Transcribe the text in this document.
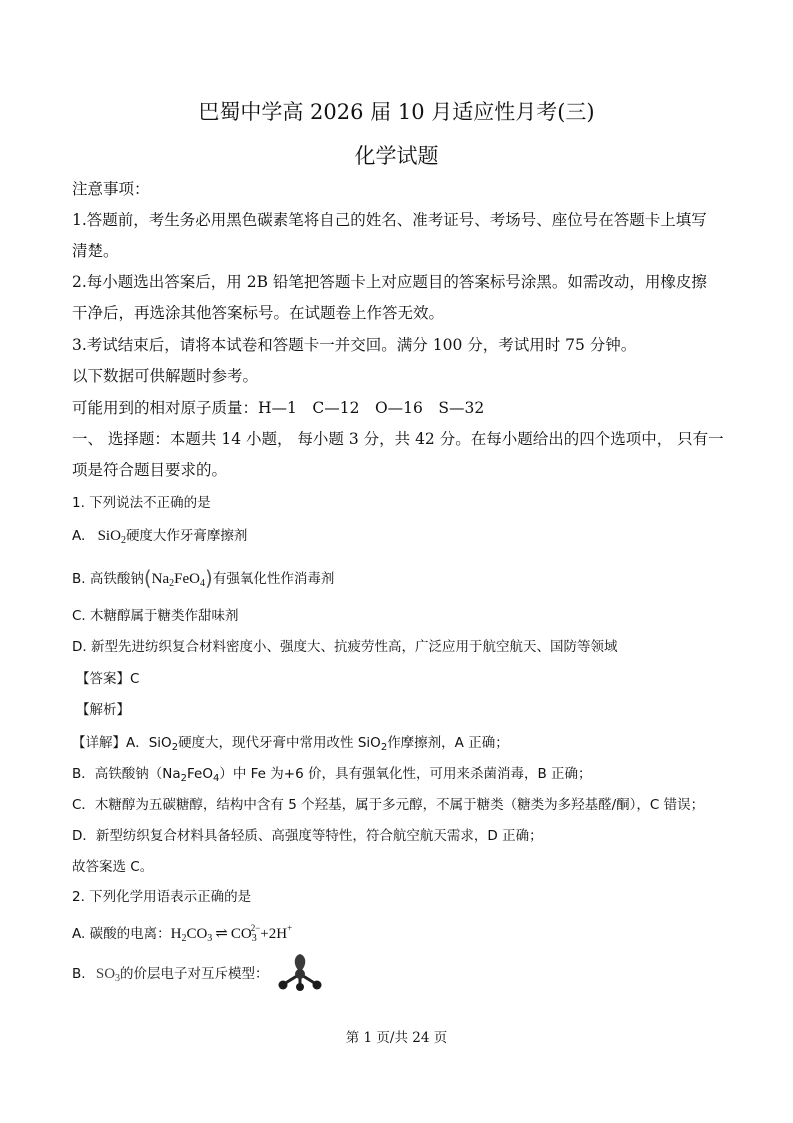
巴蜀中学高 2026 届 10 月适应性月考(三)
化学试题
注意事项：
1.答题前，考生务必用黑色碳素笔将自己的姓名、准考证号、考场号、座位号在答题卡上填写
清楚。
2.每小题选出答案后，用 2B 铅笔把答题卡上对应题目的答案标号涂黑。如需改动，用橡皮擦
干净后，再选涂其他答案标号。在试题卷上作答无效。
3.考试结束后，请将本试卷和答题卡一并交回。满分 100 分，考试用时 75 分钟。
以下数据可供解题时参考。
可能用到的相对原子质量：H—1　C—12　O—16　S—32
一、 选择题：本题共 14 小题， 每小题 3 分，共 42 分。在每小题给出的四个选项中， 只有一
项是符合题目要求的。
1. 下列说法不正确的是
A. SiO$_2$硬度大作牙膏摩擦剂
B. 高铁酸钠$(Na_2FeO_4)$有强氧化性作消毒剂
C. 木糖醇属于糖类作甜味剂
D. 新型先进纺织复合材料密度小、强度大、抗疲劳性高，广泛应用于航空航天、国防等领域
【答案】C
【解析】
【详解】A．SiO$_2$硬度大，现代牙膏中常用改性 SiO$_2$作摩擦剂，A 正确；
B．高铁酸钠$(Na_2FeO_4)$中 Fe 为+6 价，具有强氧化性，可用来杀菌消毒，B 正确；
C．木糖醇为五碳糖醇，结构中含有 5 个羟基，属于多元醇，不属于糖类（糖类为多羟基醛/酮），C 错误；
D．新型纺织复合材料具备轻质、高强度等特性，符合航空航天需求，D 正确；
故答案选 C。
2. 下列化学用语表示正确的是
A. 碳酸的电离：$H_2CO_3$ ⇌ $CO_3^{2-}+2H^+$
B. $SO_3$的价层电子对互斥模型：
第 1 页/共 24 页
